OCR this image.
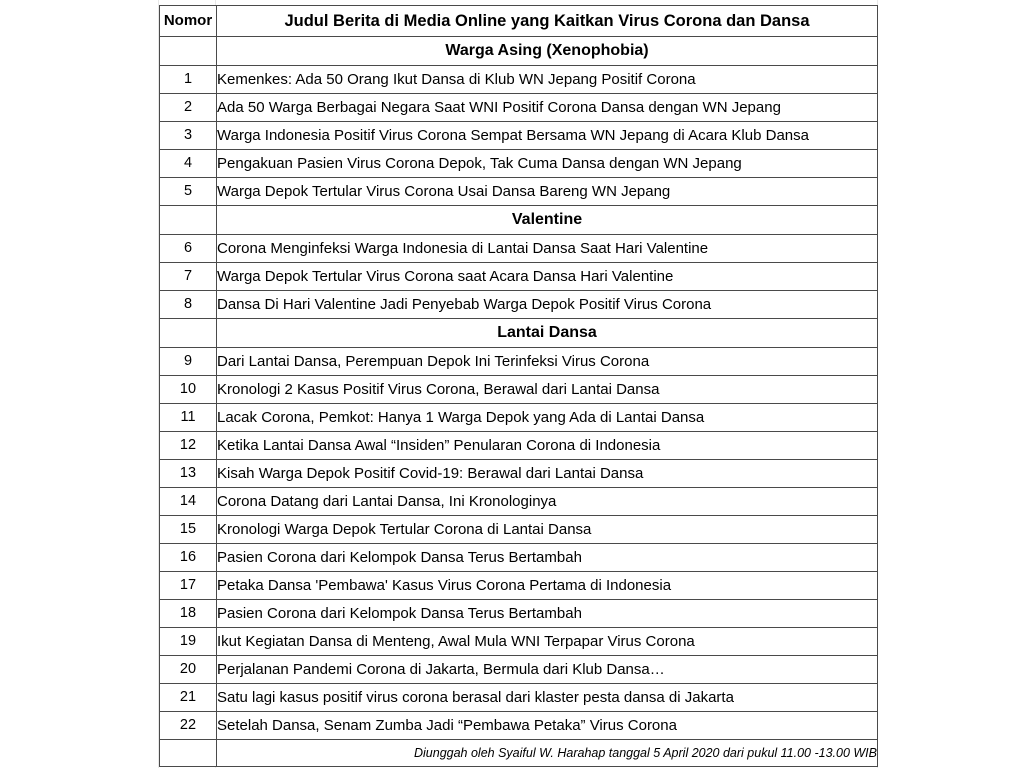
Nomor	Judul Berita di Media Online yang Kaitkan Virus Corona dan Dansa
	Warga Asing (Xenophobia)
1	Kemenkes: Ada 50 Orang Ikut Dansa di Klub WN Jepang Positif Corona
2	Ada 50 Warga Berbagai Negara Saat WNI Positif Corona Dansa dengan WN Jepang
3	Warga Indonesia Positif Virus Corona Sempat Bersama WN Jepang di Acara Klub Dansa
4	Pengakuan Pasien Virus Corona Depok, Tak Cuma Dansa dengan WN Jepang
5	Warga Depok Tertular Virus Corona Usai Dansa Bareng WN Jepang
	Valentine
6	Corona Menginfeksi Warga Indonesia di Lantai Dansa Saat Hari Valentine
7	Warga Depok Tertular Virus Corona saat Acara Dansa Hari Valentine
8	Dansa Di Hari Valentine Jadi Penyebab Warga Depok Positif Virus Corona
	Lantai Dansa
9	Dari Lantai Dansa, Perempuan Depok Ini Terinfeksi Virus Corona
10	Kronologi 2 Kasus Positif Virus Corona, Berawal dari Lantai Dansa
11	Lacak Corona, Pemkot: Hanya 1 Warga Depok yang Ada di Lantai Dansa
12	Ketika Lantai Dansa Awal “Insiden” Penularan Corona di Indonesia
13	Kisah Warga Depok Positif Covid-19: Berawal dari Lantai Dansa
14	Corona Datang dari Lantai Dansa, Ini Kronologinya
15	Kronologi Warga Depok Tertular Corona di Lantai Dansa
16	Pasien Corona dari Kelompok Dansa Terus Bertambah
17	Petaka Dansa 'Pembawa' Kasus Virus Corona Pertama di Indonesia
18	Pasien Corona dari Kelompok Dansa Terus Bertambah
19	Ikut Kegiatan Dansa di Menteng, Awal Mula WNI Terpapar Virus Corona
20	Perjalanan Pandemi Corona di Jakarta, Bermula dari Klub Dansa…
21	Satu lagi kasus positif virus corona berasal dari klaster pesta dansa di Jakarta
22	Setelah Dansa, Senam Zumba Jadi “Pembawa Petaka” Virus Corona
	Diunggah oleh Syaiful W. Harahap tanggal 5 April 2020 dari pukul 11.00 -13.00 WIB
